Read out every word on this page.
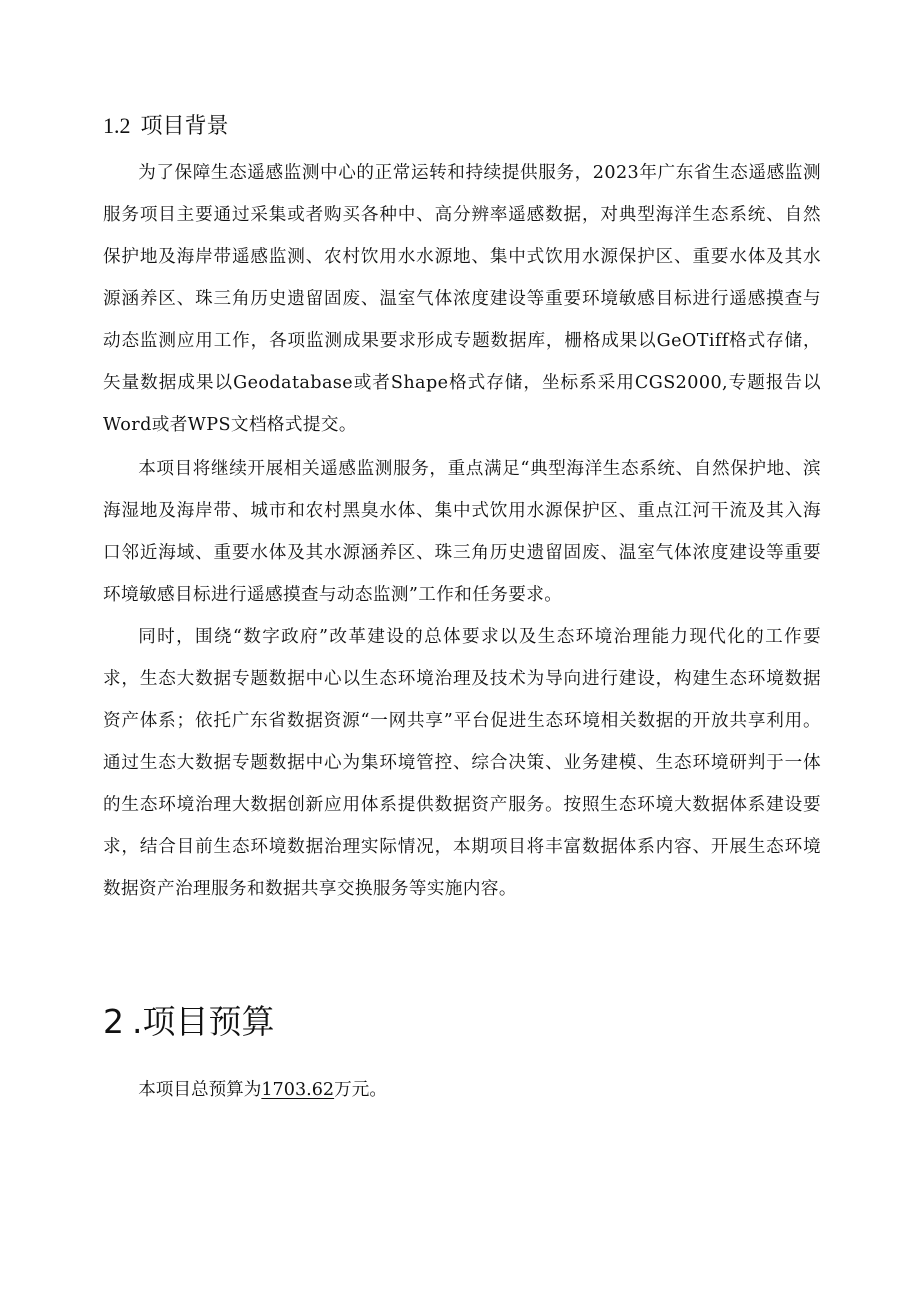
1.2 项目背景

为了保障生态遥感监测中心的正常运转和持续提供服务，2023年广东省生态遥感监测服务项目主要通过采集或者购买各种中、高分辨率遥感数据，对典型海洋生态系统、自然保护地及海岸带遥感监测、农村饮用水水源地、集中式饮用水源保护区、重要水体及其水源涵养区、珠三角历史遗留固废、温室气体浓度建设等重要环境敏感目标进行遥感摸查与动态监测应用工作，各项监测成果要求形成专题数据库，栅格成果以GeOTiff格式存储，矢量数据成果以Geodatabase或者Shape格式存储，坐标系采用CGS2000,专题报告以Word或者WPS文档格式提交。

本项目将继续开展相关遥感监测服务，重点满足“典型海洋生态系统、自然保护地、滨海湿地及海岸带、城市和农村黑臭水体、集中式饮用水源保护区、重点江河干流及其入海口邻近海域、重要水体及其水源涵养区、珠三角历史遗留固废、温室气体浓度建设等重要环境敏感目标进行遥感摸查与动态监测”工作和任务要求。

同时，围绕“数字政府”改革建设的总体要求以及生态环境治理能力现代化的工作要求，生态大数据专题数据中心以生态环境治理及技术为导向进行建设，构建生态环境数据资产体系；依托广东省数据资源“一网共享”平台促进生态环境相关数据的开放共享利用。通过生态大数据专题数据中心为集环境管控、综合决策、业务建模、生态环境研判于一体的生态环境治理大数据创新应用体系提供数据资产服务。按照生态环境大数据体系建设要求，结合目前生态环境数据治理实际情况，本期项目将丰富数据体系内容、开展生态环境数据资产治理服务和数据共享交换服务等实施内容。

2 .项目预算

本项目总预算为1703.62万元。
